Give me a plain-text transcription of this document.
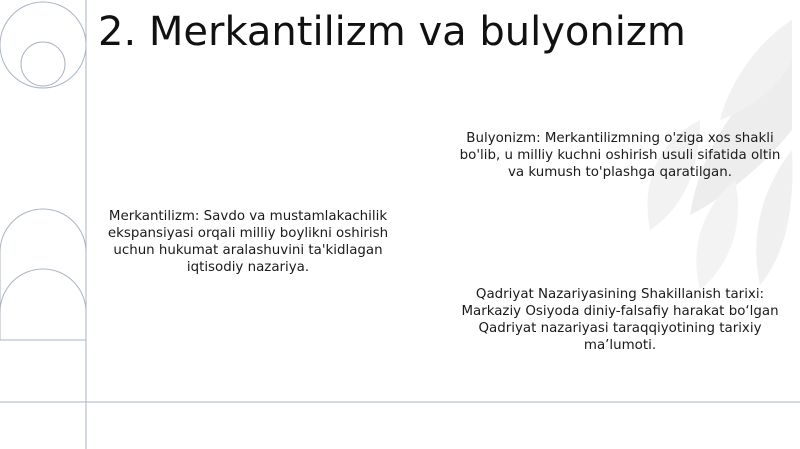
2. Merkantilizm va bulyonizm

Merkantilizm: Savdo va mustamlakachilik
ekspansiyasi orqali milliy boylikni oshirish
uchun hukumat aralashuvini ta'kidlagan
iqtisodiy nazariya.

Bulyonizm: Merkantilizmning o'ziga xos shakli
bo'lib, u milliy kuchni oshirish usuli sifatida oltin
va kumush to'plashga qaratilgan.

Qadriyat Nazariyasining Shakillanish tarixi:
Markaziy Osiyoda diniy-falsafiy harakat bo‘lgan
Qadriyat nazariyasi taraqqiyotining tarixiy
ma’lumoti.
